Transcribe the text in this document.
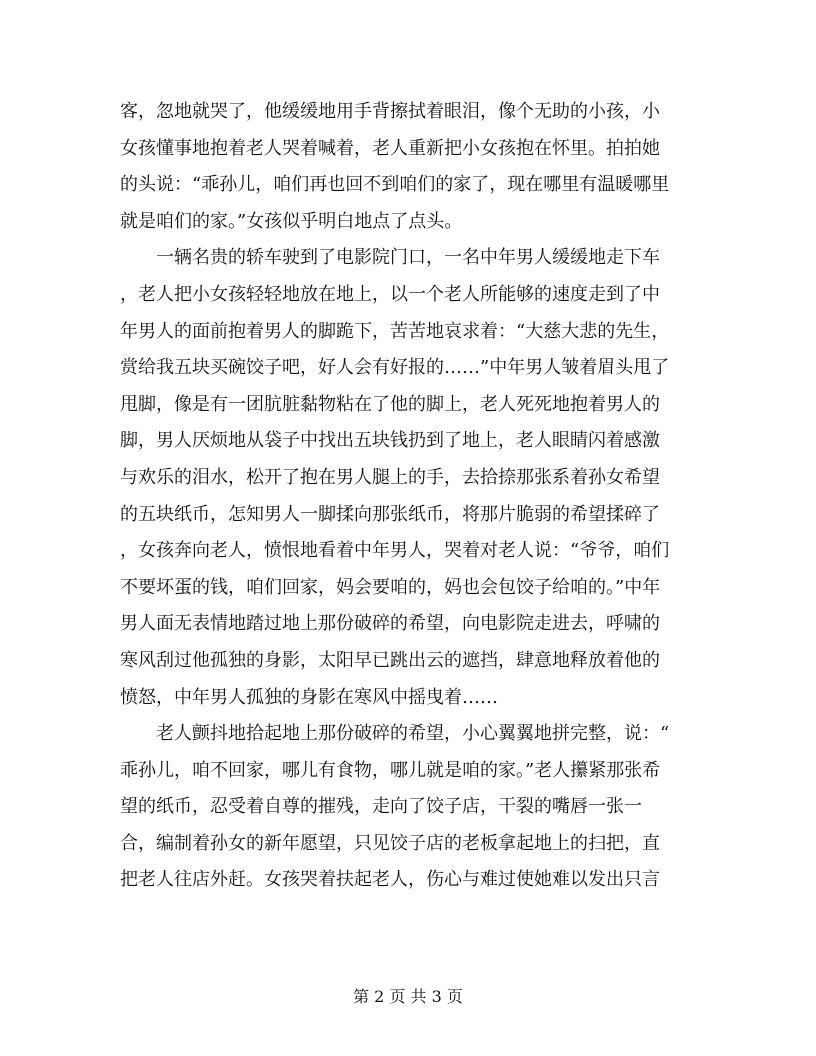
客，忽地就哭了，他缓缓地用手背擦拭着眼泪，像个无助的小孩，小
女孩懂事地抱着老人哭着喊着，老人重新把小女孩抱在怀里。拍拍她
的头说：“乖孙儿，咱们再也回不到咱们的家了，现在哪里有温暖哪里
就是咱们的家。”女孩似乎明白地点了点头。
　　一辆名贵的轿车驶到了电影院门口，一名中年男人缓缓地走下车
，老人把小女孩轻轻地放在地上，以一个老人所能够的速度走到了中
年男人的面前抱着男人的脚跪下，苦苦地哀求着：“大慈大悲的先生，
赏给我五块买碗饺子吧，好人会有好报的……”中年男人皱着眉头甩了
甩脚，像是有一团肮脏黏物粘在了他的脚上，老人死死地抱着男人的
脚，男人厌烦地从袋子中找出五块钱扔到了地上，老人眼睛闪着感激
与欢乐的泪水，松开了抱在男人腿上的手，去拾捺那张系着孙女希望
的五块纸币，怎知男人一脚揉向那张纸币，将那片脆弱的希望揉碎了
，女孩奔向老人，愤恨地看着中年男人，哭着对老人说：“爷爷，咱们
不要坏蛋的钱，咱们回家，妈会要咱的，妈也会包饺子给咱的。”中年
男人面无表情地踏过地上那份破碎的希望，向电影院走进去，呼啸的
寒风刮过他孤独的身影，太阳早已跳出云的遮挡，肆意地释放着他的
愤怒，中年男人孤独的身影在寒风中摇曳着……
　　老人颤抖地拾起地上那份破碎的希望，小心翼翼地拼完整，说：“
乖孙儿，咱不回家，哪儿有食物，哪儿就是咱的家。”老人攥紧那张希
望的纸币，忍受着自尊的摧残，走向了饺子店，干裂的嘴唇一张一
合，编制着孙女的新年愿望，只见饺子店的老板拿起地上的扫把，直
把老人往店外赶。女孩哭着扶起老人，伤心与难过使她难以发出只言
第 2 页 共 3 页
